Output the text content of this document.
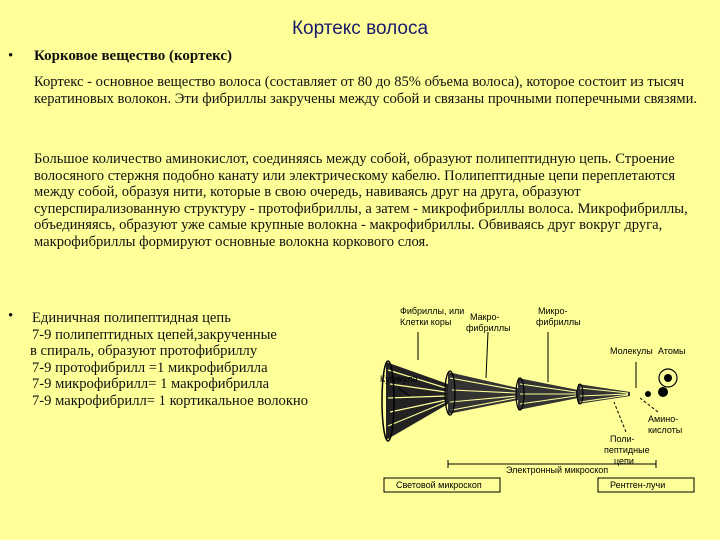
Кортекс волоса
• Корковое вещество (кортекс)

Кортекс - основное вещество волоса (составляет от 80 до 85% объема волоса), которое состоит из тысяч кератиновых волокон. Эти фибриллы закручены между собой и связаны прочными поперечными связями.

Большое количество аминокислот, соединяясь между собой, образуют полипептидную цепь. Строение волосяного стержня подобно канату или электрическому кабелю. Полипептидные цепи переплетаются между собой, образуя нити, которые в свою очередь, навиваясь друг на друга, образуют суперспирализованную структуру - протофибриллы, а затем - микрофибриллы волоса. Микрофибриллы, объединяясь, образуют уже самые крупные волокна - макрофибриллы. Обвиваясь друг вокруг друга, макрофибриллы формируют основные волокна коркового слоя.

• Единичная полипептидная цепь
7-9 полипептидных цепей,закрученные
в спираль, образуют протофибриллу
7-9 протофибрилл =1 микрофибрилла
7-9 микрофибрилл= 1 макрофибрилла
7-9 макрофибрилл= 1 кортикальное волокно
Фибриллы, или
Клетки коры Макро-
фибриллы
Микро-
фибриллы
Молекулы Атомы
Кутикула
Амино-
кислоты
Поли-
пептидные
цепи
Электронный микроскоп
Световой микроскоп	Рентген-лучи
